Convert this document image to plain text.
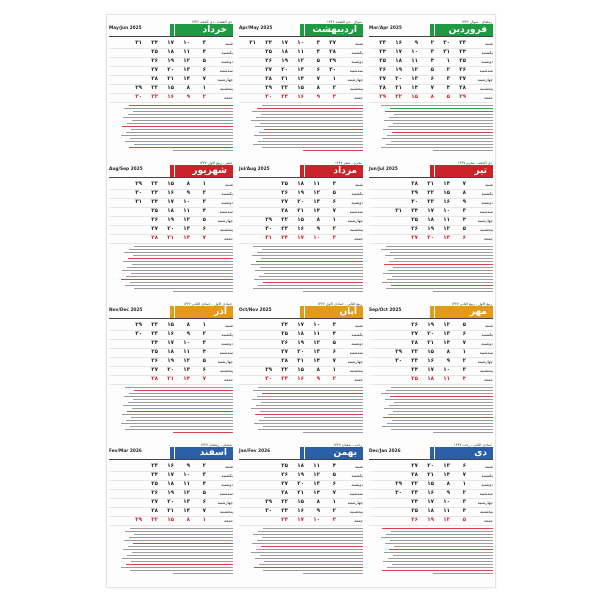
فروردین
رمضان - شوال ۱۴۴۶
Mar/Apr 2025
شنبه
۲۳
۳۰
۲
۹
۱۶
۲۳
یکشنبه
۲۴
۳۱
۳
۱۰
۱۷
۲۴
دوشنبه
۲۵
۱
۴
۱۱
۱۸
۲۵
سه‌شنبه
۲۶
۲
۵
۱۲
۱۹
۲۶
چهارشنبه
۲۷
۳
۶
۱۳
۲۰
۲۷
پنجشنبه
۲۸
۴
۷
۱۴
۲۱
۲۸
جمعه
۲۹
۵
۸
۱۵
۲۲
۲۹
اردیبهشت
شوال - ذی القعده ۱۴۴۶
Apr/May 2025
شنبه
۲۷
۳
۱۰
۱۷
۲۴
۳۱
یکشنبه
۲۸
۴
۱۱
۱۸
۲۵
دوشنبه
۲۹
۵
۱۲
۱۹
۲۶
سه‌شنبه
۳۰
۶
۱۳
۲۰
۲۷
چهارشنبه
۱
۷
۱۴
۲۱
۲۸
پنجشنبه
۲
۸
۱۵
۲۲
۲۹
جمعه
۳
۹
۱۶
۲۳
۳۰
خرداد
ذی القعده - ذی الحجه ۱۴۴۶
May/Jun 2025
شنبه
۳
۱۰
۱۷
۲۴
۳۱
یکشنبه
۴
۱۱
۱۸
۲۵
دوشنبه
۵
۱۲
۱۹
۲۶
سه‌شنبه
۶
۱۳
۲۰
۲۷
چهارشنبه
۷
۱۴
۲۱
۲۸
پنجشنبه
۱
۸
۱۵
۲۲
۲۹
جمعه
۲
۹
۱۶
۲۳
۳۰
تیر
ذی الحجه - محرم ۱۴۴۷
Jun/Jul 2025
شنبه
۷
۱۴
۲۱
۲۸
یکشنبه
۸
۱۵
۲۲
۲۹
دوشنبه
۹
۱۶
۲۳
۳۰
سه‌شنبه
۳
۱۰
۱۷
۲۴
۳۱
چهارشنبه
۴
۱۱
۱۸
۲۵
پنجشنبه
۵
۱۲
۱۹
۲۶
جمعه
۶
۱۳
۲۰
۲۷
مرداد
محرم - صفر ۱۴۴۷
Jul/Aug 2025
شنبه
۴
۱۱
۱۸
۲۵
یکشنبه
۵
۱۲
۱۹
۲۶
دوشنبه
۶
۱۳
۲۰
۲۷
سه‌شنبه
۷
۱۴
۲۱
۲۸
چهارشنبه
۱
۸
۱۵
۲۲
۲۹
پنجشنبه
۲
۹
۱۶
۲۳
۳۰
جمعه
۳
۱۰
۱۷
۲۴
۳۱
شهریور
صفر - ربیع الاول ۱۴۴۷
Aug/Sep 2025
شنبه
۱
۸
۱۵
۲۲
۲۹
یکشنبه
۲
۹
۱۶
۲۳
۳۰
دوشنبه
۳
۱۰
۱۷
۲۴
۳۱
سه‌شنبه
۴
۱۱
۱۸
۲۵
چهارشنبه
۵
۱۲
۱۹
۲۶
پنجشنبه
۶
۱۳
۲۰
۲۷
جمعه
۷
۱۴
۲۱
۲۸
مهر
ربیع الاول - ربیع الثانی ۱۴۴۷
Sep/Oct 2025
شنبه
۵
۱۲
۱۹
۲۶
یکشنبه
۶
۱۳
۲۰
۲۷
دوشنبه
۷
۱۴
۲۱
۲۸
سه‌شنبه
۱
۸
۱۵
۲۲
۲۹
چهارشنبه
۲
۹
۱۶
۲۳
۳۰
پنجشنبه
۳
۱۰
۱۷
۲۴
جمعه
۴
۱۱
۱۸
۲۵
آبان
ربیع الثانی - جمادی الاول ۱۴۴۷
Oct/Nov 2025
شنبه
۳
۱۰
۱۷
۲۴
یکشنبه
۴
۱۱
۱۸
۲۵
دوشنبه
۵
۱۲
۱۹
۲۶
سه‌شنبه
۶
۱۳
۲۰
۲۷
چهارشنبه
۷
۱۴
۲۱
۲۸
پنجشنبه
۱
۸
۱۵
۲۲
۲۹
جمعه
۲
۹
۱۶
۲۳
۳۰
آذر
جمادی الاول - جمادی الثانی ۱۴۴۷
Nov/Dec 2025
شنبه
۱
۸
۱۵
۲۲
۲۹
یکشنبه
۲
۹
۱۶
۲۳
۳۰
دوشنبه
۳
۱۰
۱۷
۲۴
سه‌شنبه
۴
۱۱
۱۸
۲۵
چهارشنبه
۵
۱۲
۱۹
۲۶
پنجشنبه
۶
۱۳
۲۰
۲۷
جمعه
۷
۱۴
۲۱
۲۸
دی
جمادی الثانی - رجب ۱۴۴۷
Dec/Jan 2026
شنبه
۶
۱۳
۲۰
۲۷
یکشنبه
۷
۱۴
۲۱
۲۸
دوشنبه
۱
۸
۱۵
۲۲
۲۹
سه‌شنبه
۲
۹
۱۶
۲۳
۳۰
چهارشنبه
۳
۱۰
۱۷
۲۴
پنجشنبه
۴
۱۱
۱۸
۲۵
جمعه
۵
۱۲
۱۹
۲۶
بهمن
رجب - شعبان ۱۴۴۷
Jan/Fev 2026
شنبه
۴
۱۱
۱۸
۲۵
یکشنبه
۵
۱۲
۱۹
۲۶
دوشنبه
۶
۱۳
۲۰
۲۷
سه‌شنبه
۷
۱۴
۲۱
۲۸
چهارشنبه
۱
۸
۱۵
۲۲
۲۹
پنجشنبه
۲
۹
۱۶
۲۳
۳۰
جمعه
۳
۱۰
۱۷
۲۴
اسفند
شعبان - رمضان ۱۴۴۷
Fev/Mar 2026
شنبه
۲
۹
۱۶
۲۳
یکشنبه
۳
۱۰
۱۷
۲۴
دوشنبه
۴
۱۱
۱۸
۲۵
سه‌شنبه
۵
۱۲
۱۹
۲۶
چهارشنبه
۶
۱۳
۲۰
۲۷
پنجشنبه
۷
۱۴
۲۱
۲۸
جمعه
۱
۸
۱۵
۲۲
۲۹
